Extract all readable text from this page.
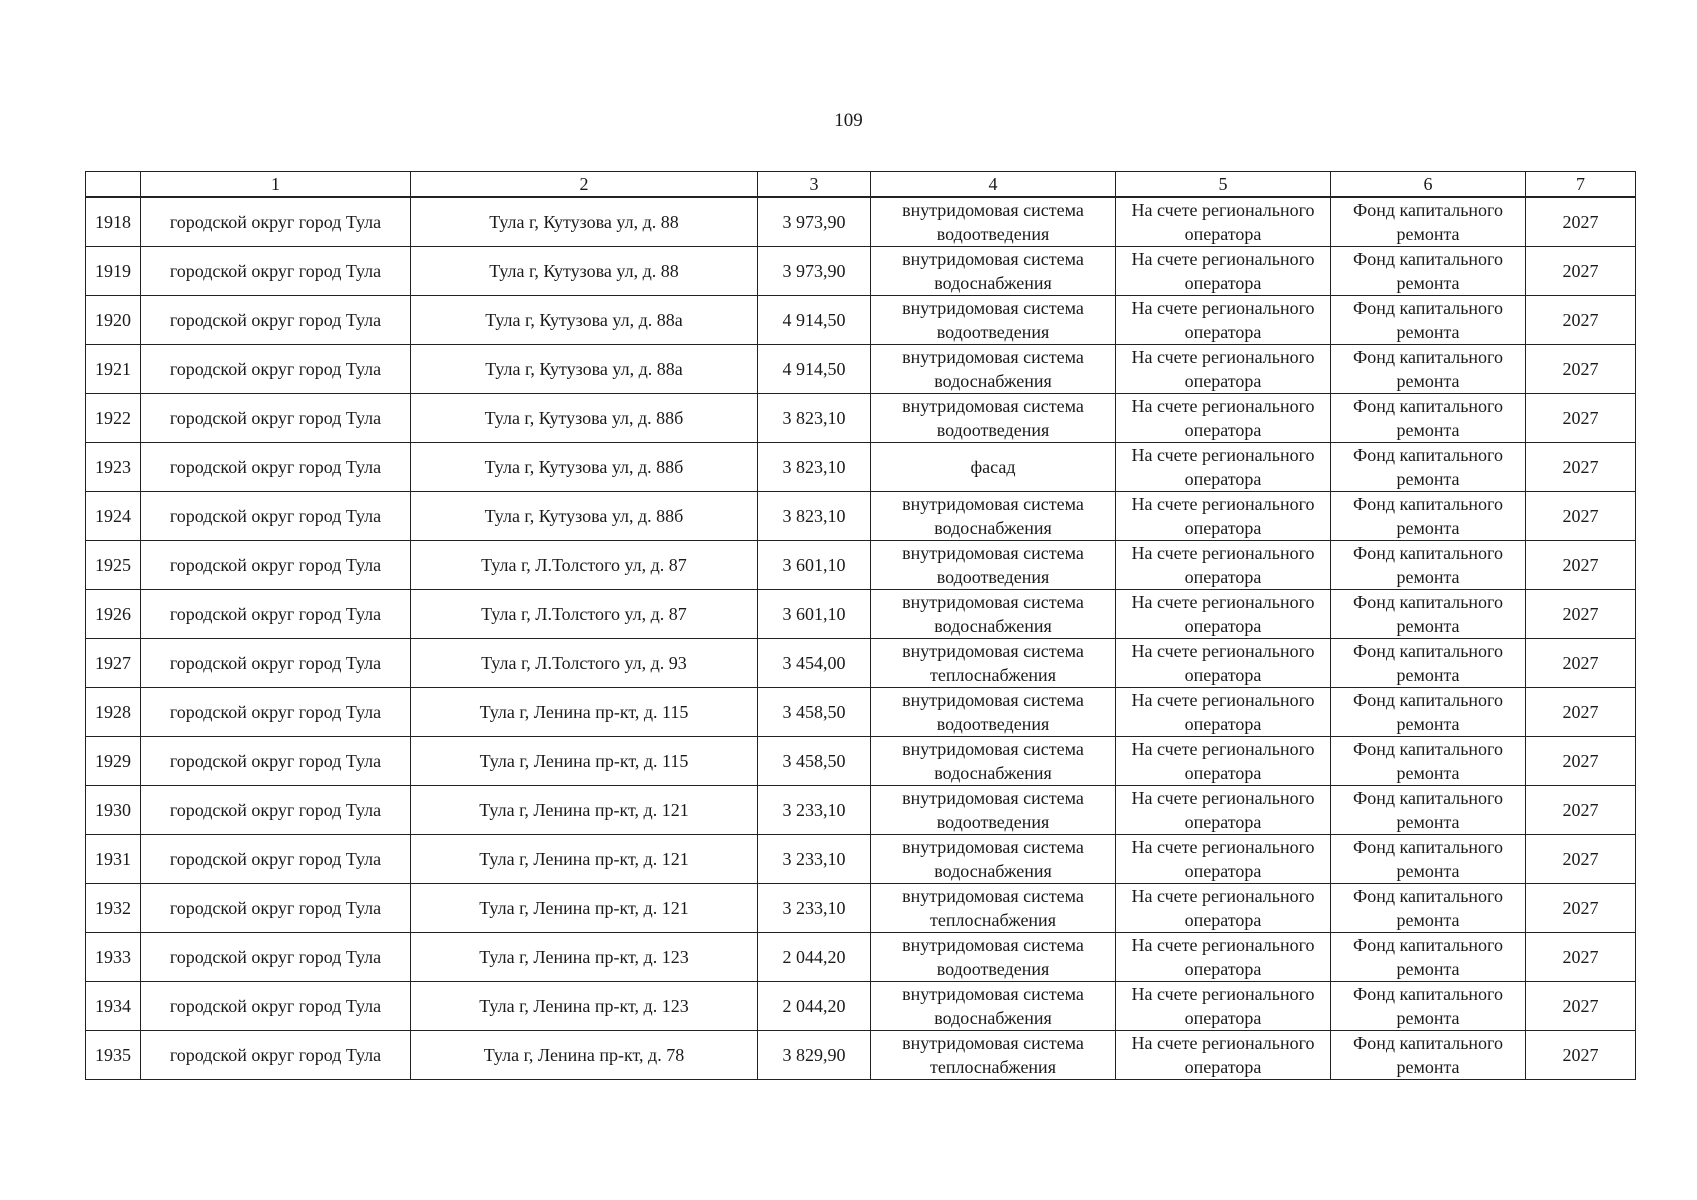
109
	1	2	3	4	5	6	7
1918	городской округ город Тула	Тула г, Кутузова ул, д. 88	3 973,90	внутридомовая система водоотведения	На счете регионального оператора	Фонд капитального ремонта	2027
1919	городской округ город Тула	Тула г, Кутузова ул, д. 88	3 973,90	внутридомовая система водоснабжения	На счете регионального оператора	Фонд капитального ремонта	2027
1920	городской округ город Тула	Тула г, Кутузова ул, д. 88а	4 914,50	внутридомовая система водоотведения	На счете регионального оператора	Фонд капитального ремонта	2027
1921	городской округ город Тула	Тула г, Кутузова ул, д. 88а	4 914,50	внутридомовая система водоснабжения	На счете регионального оператора	Фонд капитального ремонта	2027
1922	городской округ город Тула	Тула г, Кутузова ул, д. 88б	3 823,10	внутридомовая система водоотведения	На счете регионального оператора	Фонд капитального ремонта	2027
1923	городской округ город Тула	Тула г, Кутузова ул, д. 88б	3 823,10	фасад	На счете регионального оператора	Фонд капитального ремонта	2027
1924	городской округ город Тула	Тула г, Кутузова ул, д. 88б	3 823,10	внутридомовая система водоснабжения	На счете регионального оператора	Фонд капитального ремонта	2027
1925	городской округ город Тула	Тула г, Л.Толстого ул, д. 87	3 601,10	внутридомовая система водоотведения	На счете регионального оператора	Фонд капитального ремонта	2027
1926	городской округ город Тула	Тула г, Л.Толстого ул, д. 87	3 601,10	внутридомовая система водоснабжения	На счете регионального оператора	Фонд капитального ремонта	2027
1927	городской округ город Тула	Тула г, Л.Толстого ул, д. 93	3 454,00	внутридомовая система теплоснабжения	На счете регионального оператора	Фонд капитального ремонта	2027
1928	городской округ город Тула	Тула г, Ленина пр-кт, д. 115	3 458,50	внутридомовая система водоотведения	На счете регионального оператора	Фонд капитального ремонта	2027
1929	городской округ город Тула	Тула г, Ленина пр-кт, д. 115	3 458,50	внутридомовая система водоснабжения	На счете регионального оператора	Фонд капитального ремонта	2027
1930	городской округ город Тула	Тула г, Ленина пр-кт, д. 121	3 233,10	внутридомовая система водоотведения	На счете регионального оператора	Фонд капитального ремонта	2027
1931	городской округ город Тула	Тула г, Ленина пр-кт, д. 121	3 233,10	внутридомовая система водоснабжения	На счете регионального оператора	Фонд капитального ремонта	2027
1932	городской округ город Тула	Тула г, Ленина пр-кт, д. 121	3 233,10	внутридомовая система теплоснабжения	На счете регионального оператора	Фонд капитального ремонта	2027
1933	городской округ город Тула	Тула г, Ленина пр-кт, д. 123	2 044,20	внутридомовая система водоотведения	На счете регионального оператора	Фонд капитального ремонта	2027
1934	городской округ город Тула	Тула г, Ленина пр-кт, д. 123	2 044,20	внутридомовая система водоснабжения	На счете регионального оператора	Фонд капитального ремонта	2027
1935	городской округ город Тула	Тула г, Ленина пр-кт, д. 78	3 829,90	внутридомовая система теплоснабжения	На счете регионального оператора	Фонд капитального ремонта	2027
